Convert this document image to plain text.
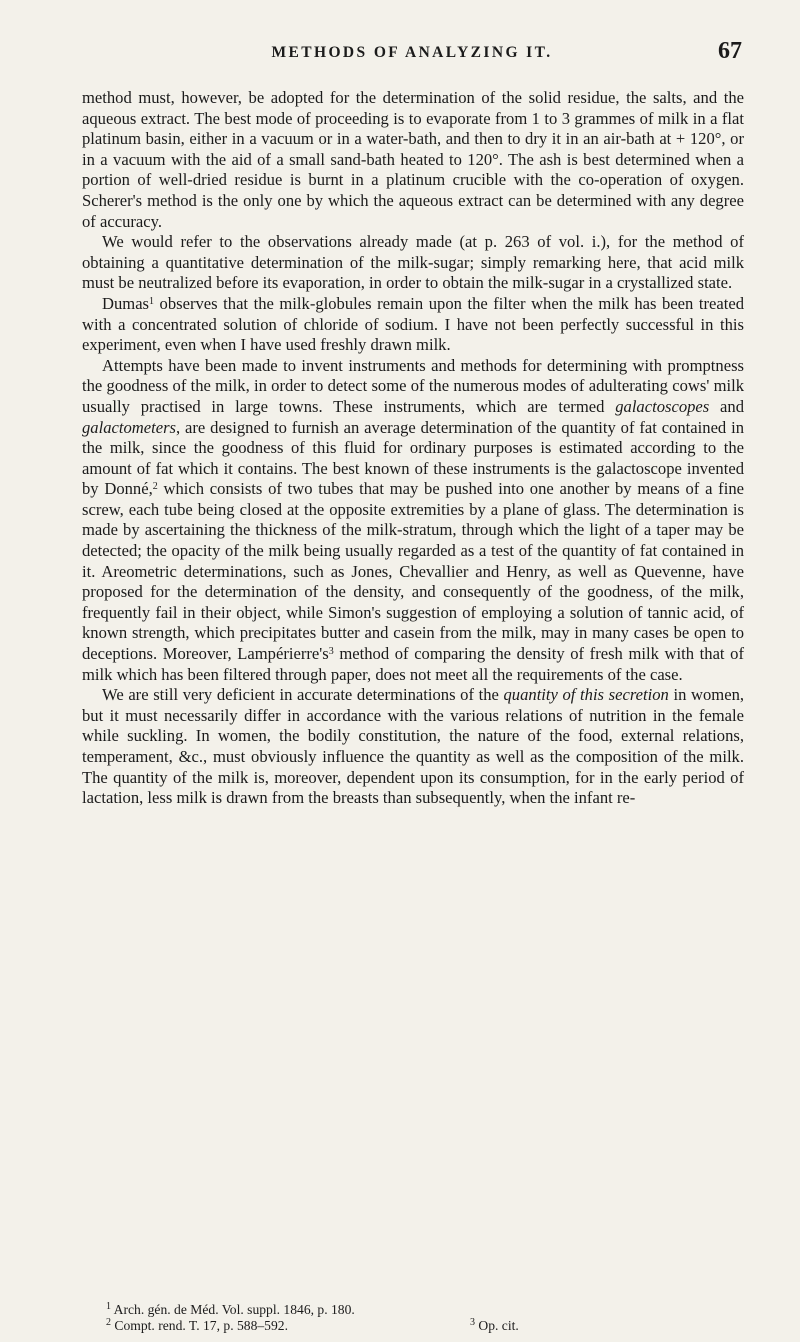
METHODS OF ANALYZING IT.	67

method must, however, be adopted for the determination of the solid residue, the salts, and the aqueous extract. The best mode of proceeding is to evaporate from 1 to 3 grammes of milk in a flat platinum basin, either in a vacuum or in a water-bath, and then to dry it in an air-bath at + 120°, or in a vacuum with the aid of a small sand-bath heated to 120°. The ash is best determined when a portion of well-dried residue is burnt in a platinum crucible with the co-operation of oxygen. Scherer's method is the only one by which the aqueous extract can be determined with any degree of accuracy.

We would refer to the observations already made (at p. 263 of vol. i.), for the method of obtaining a quantitative determination of the milk-sugar; simply remarking here, that acid milk must be neutralized before its evaporation, in order to obtain the milk-sugar in a crystallized state.

Dumas$^1$ observes that the milk-globules remain upon the filter when the milk has been treated with a concentrated solution of chloride of sodium. I have not been perfectly successful in this experiment, even when I have used freshly drawn milk.

Attempts have been made to invent instruments and methods for determining with promptness the goodness of the milk, in order to detect some of the numerous modes of adulterating cows' milk usually practised in large towns. These instruments, which are termed galactoscopes and galactometers, are designed to furnish an average determination of the quantity of fat contained in the milk, since the goodness of this fluid for ordinary purposes is estimated according to the amount of fat which it contains. The best known of these instruments is the galactoscope invented by Donné,$^2$ which consists of two tubes that may be pushed into one another by means of a fine screw, each tube being closed at the opposite extremities by a plane of glass. The determination is made by ascertaining the thickness of the milk-stratum, through which the light of a taper may be detected; the opacity of the milk being usually regarded as a test of the quantity of fat contained in it. Areometric determinations, such as Jones, Chevallier and Henry, as well as Quevenne, have proposed for the determination of the density, and consequently of the goodness, of the milk, frequently fail in their object, while Simon's suggestion of employing a solution of tannic acid, of known strength, which precipitates butter and casein from the milk, may in many cases be open to deceptions. Moreover, $Lampérierre's^3$ method of comparing the density of fresh milk with that of milk which has been filtered through paper, does not meet all the requirements of the case.

We are still very deficient in accurate determinations of the quantity of this secretion in women, but it must necessarily differ in accordance with the various relations of nutrition in the female while suckling. In women, the bodily constitution, the nature of the food, external relations, temperament, &c., must obviously influence the quantity as well as the composition of the milk. The quantity of the milk is, moreover, dependent upon its consumption, for in the early period of lactation, less milk is drawn from the breasts than subsequently, when the infant re-

$^1$ Arch. gén. de Méd. Vol. suppl. 1846, p. 180.
$^2$ Compt. rend. T. 17, p. 588–592.	$^3$ Op. cit.
